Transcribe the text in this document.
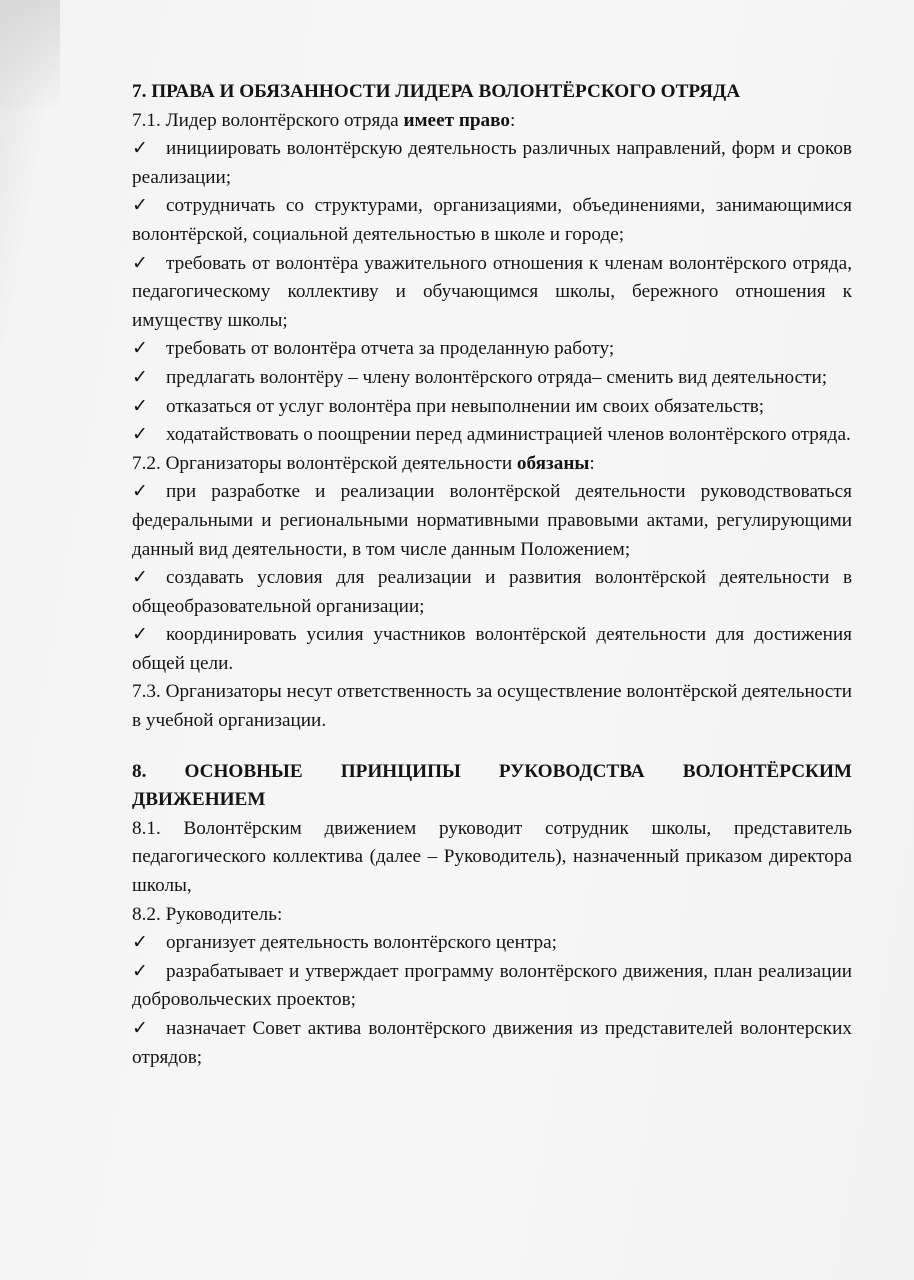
7. ПРАВА И ОБЯЗАННОСТИ ЛИДЕРА ВОЛОНТЁРСКОГО ОТРЯДА

7.1. Лидер волонтёрского отряда имеет право:

✓ инициировать волонтёрскую деятельность различных направлений, форм и сроков реализации;

✓ сотрудничать со структурами, организациями, объединениями, занимающимися волонтёрской, социальной деятельностью в школе и городе;

✓ требовать от волонтёра уважительного отношения к членам волонтёрского отряда, педагогическому коллективу и обучающимся школы, бережного отношения к имуществу школы;

✓ требовать от волонтёра отчета за проделанную работу;

✓ предлагать волонтёру – члену волонтёрского отряда– сменить вид деятельности;

✓ отказаться от услуг волонтёра при невыполнении им своих обязательств;

✓ ходатайствовать о поощрении перед администрацией членов волонтёрского отряда.

7.2. Организаторы волонтёрской деятельности обязаны:

✓ при разработке и реализации волонтёрской деятельности руководствоваться федеральными и региональными нормативными правовыми актами, регулирующими данный вид деятельности, в том числе данным Положением;

✓ создавать условия для реализации и развития волонтёрской деятельности в общеобразовательной организации;

✓ координировать усилия участников волонтёрской деятельности для достижения общей цели.

7.3. Организаторы несут ответственность за осуществление волонтёрской деятельности в учебной организации.

8. ОСНОВНЫЕ ПРИНЦИПЫ РУКОВОДСТВА ВОЛОНТЁРСКИМ ДВИЖЕНИЕМ

8.1. Волонтёрским движением руководит сотрудник школы, представитель педагогического коллектива (далее – Руководитель), назначенный приказом директора школы,

8.2. Руководитель:

✓ организует деятельность волонтёрского центра;

✓ разрабатывает и утверждает программу волонтёрского движения, план реализации добровольческих проектов;

✓ назначает Совет актива волонтёрского движения из представителей волонтерских отрядов;
